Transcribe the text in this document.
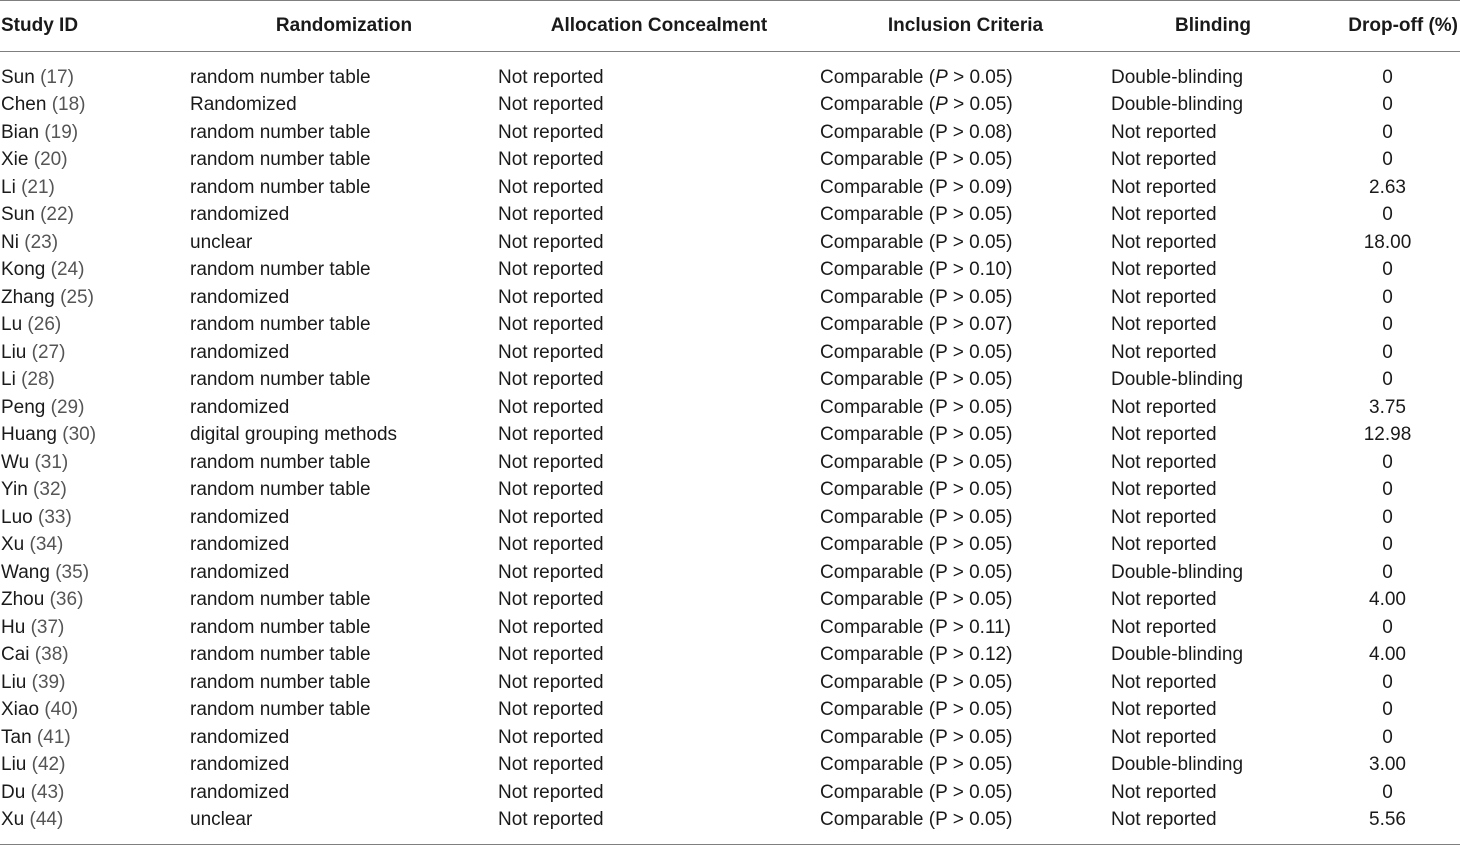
Study ID	Randomization	Allocation Concealment	Inclusion Criteria	Blinding	Drop-off (%)
Sun (17)	random number table	Not reported	Comparable (P > 0.05)	Double-blinding	0
Chen (18)	Randomized	Not reported	Comparable (P > 0.05)	Double-blinding	0
Bian (19)	random number table	Not reported	Comparable (P > 0.08)	Not reported	0
Xie (20)	random number table	Not reported	Comparable (P > 0.05)	Not reported	0
Li (21)	random number table	Not reported	Comparable (P > 0.09)	Not reported	2.63
Sun (22)	randomized	Not reported	Comparable (P > 0.05)	Not reported	0
Ni (23)	unclear	Not reported	Comparable (P > 0.05)	Not reported	18.00
Kong (24)	random number table	Not reported	Comparable (P > 0.10)	Not reported	0
Zhang (25)	randomized	Not reported	Comparable (P > 0.05)	Not reported	0
Lu (26)	random number table	Not reported	Comparable (P > 0.07)	Not reported	0
Liu (27)	randomized	Not reported	Comparable (P > 0.05)	Not reported	0
Li (28)	random number table	Not reported	Comparable (P > 0.05)	Double-blinding	0
Peng (29)	randomized	Not reported	Comparable (P > 0.05)	Not reported	3.75
Huang (30)	digital grouping methods	Not reported	Comparable (P > 0.05)	Not reported	12.98
Wu (31)	random number table	Not reported	Comparable (P > 0.05)	Not reported	0
Yin (32)	random number table	Not reported	Comparable (P > 0.05)	Not reported	0
Luo (33)	randomized	Not reported	Comparable (P > 0.05)	Not reported	0
Xu (34)	randomized	Not reported	Comparable (P > 0.05)	Not reported	0
Wang (35)	randomized	Not reported	Comparable (P > 0.05)	Double-blinding	0
Zhou (36)	random number table	Not reported	Comparable (P > 0.05)	Not reported	4.00
Hu (37)	random number table	Not reported	Comparable (P > 0.11)	Not reported	0
Cai (38)	random number table	Not reported	Comparable (P > 0.12)	Double-blinding	4.00
Liu (39)	random number table	Not reported	Comparable (P > 0.05)	Not reported	0
Xiao (40)	random number table	Not reported	Comparable (P > 0.05)	Not reported	0
Tan (41)	randomized	Not reported	Comparable (P > 0.05)	Not reported	0
Liu (42)	randomized	Not reported	Comparable (P > 0.05)	Double-blinding	3.00
Du (43)	randomized	Not reported	Comparable (P > 0.05)	Not reported	0
Xu (44)	unclear	Not reported	Comparable (P > 0.05)	Not reported	5.56
